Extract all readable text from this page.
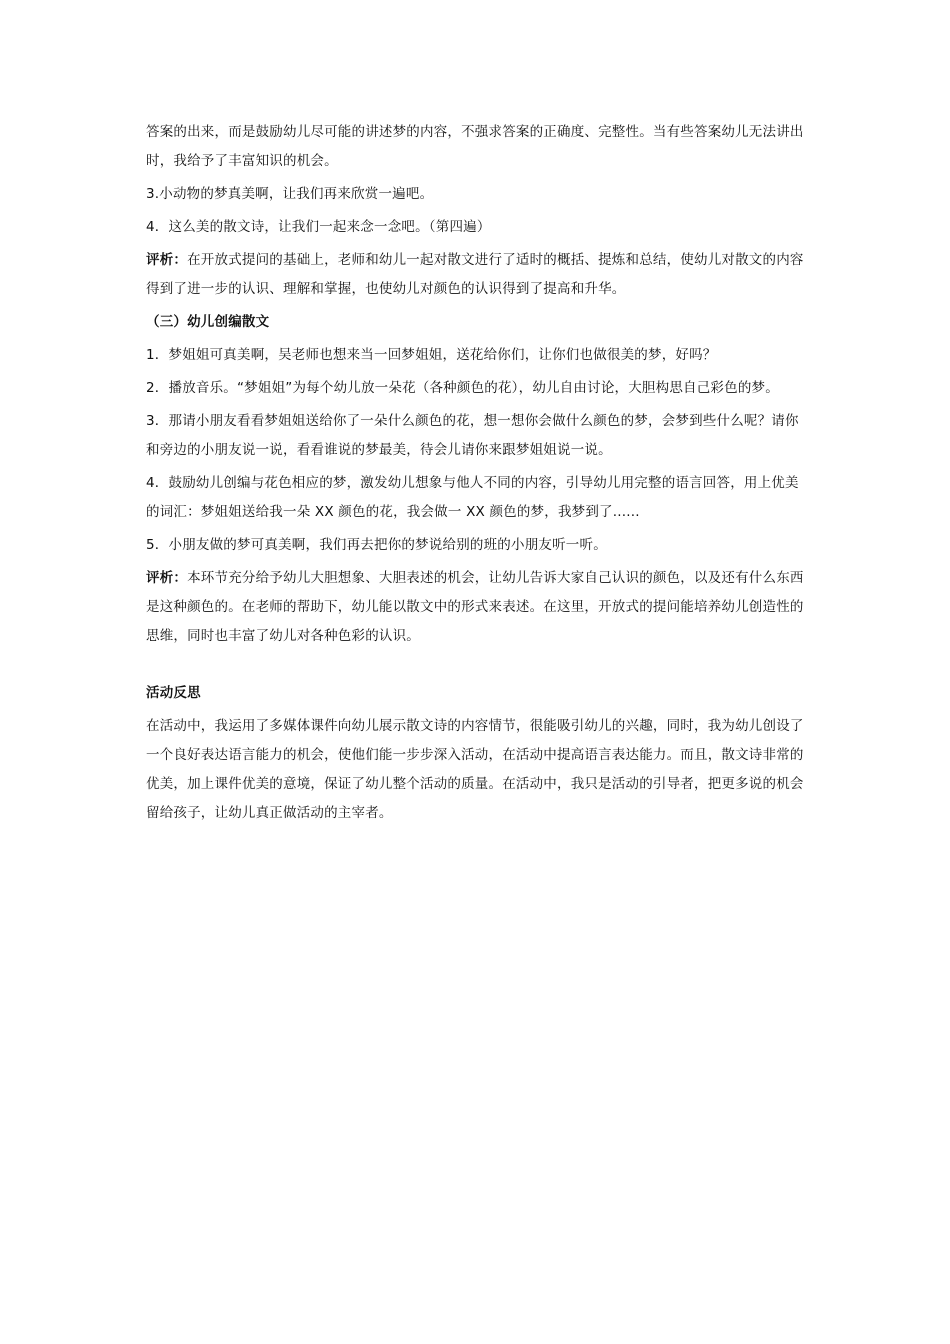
答案的出来，而是鼓励幼儿尽可能的讲述梦的内容，不强求答案的正确度、完整性。当有些答案幼儿无法讲出时，我给予了丰富知识的机会。

3.小动物的梦真美啊，让我们再来欣赏一遍吧。

4．这么美的散文诗，让我们一起来念一念吧。（第四遍）

评析：在开放式提问的基础上，老师和幼儿一起对散文进行了适时的概括、提炼和总结，使幼儿对散文的内容得到了进一步的认识、理解和掌握，也使幼儿对颜色的认识得到了提高和升华。

（三）幼儿创编散文

1．梦姐姐可真美啊，吴老师也想来当一回梦姐姐，送花给你们，让你们也做很美的梦，好吗？

2．播放音乐。“梦姐姐”为每个幼儿放一朵花（各种颜色的花），幼儿自由讨论，大胆构思自己彩色的梦。

3．那请小朋友看看梦姐姐送给你了一朵什么颜色的花，想一想你会做什么颜色的梦，会梦到些什么呢？请你和旁边的小朋友说一说，看看谁说的梦最美，待会儿请你来跟梦姐姐说一说。

4．鼓励幼儿创编与花色相应的梦，激发幼儿想象与他人不同的内容，引导幼儿用完整的语言回答，用上优美的词汇：梦姐姐送给我一朵 XX 颜色的花，我会做一 XX 颜色的梦，我梦到了......

5．小朋友做的梦可真美啊，我们再去把你的梦说给别的班的小朋友听一听。

评析：本环节充分给予幼儿大胆想象、大胆表述的机会，让幼儿告诉大家自己认识的颜色，以及还有什么东西是这种颜色的。在老师的帮助下，幼儿能以散文中的形式来表述。在这里，开放式的提问能培养幼儿创造性的思维，同时也丰富了幼儿对各种色彩的认识。

活动反思

在活动中，我运用了多媒体课件向幼儿展示散文诗的内容情节，很能吸引幼儿的兴趣，同时，我为幼儿创设了一个良好表达语言能力的机会，使他们能一步步深入活动，在活动中提高语言表达能力。而且，散文诗非常的优美，加上课件优美的意境，保证了幼儿整个活动的质量。在活动中，我只是活动的引导者，把更多说的机会留给孩子，让幼儿真正做活动的主宰者。
